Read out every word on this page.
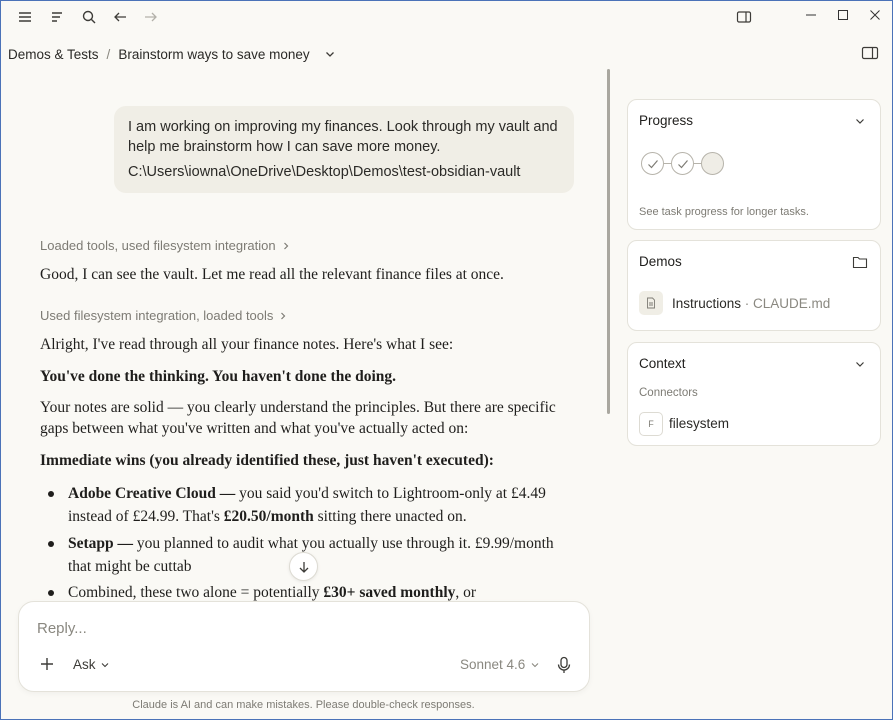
Demos & Tests / Brainstorm ways to save money
I am working on improving my finances. Look through my vault and help me brainstorm how I can save more money.
C:\Users\iowna\OneDrive\Desktop\Demos\test-obsidian-vault
Loaded tools, used filesystem integration
Good, I can see the vault. Let me read all the relevant finance files at once.
Used filesystem integration, loaded tools
Alright, I've read through all your finance notes. Here's what I see:
You've done the thinking. You haven't done the doing.
Your notes are solid — you clearly understand the principles. But there are specific gaps between what you've written and what you've actually acted on:
Immediate wins (you already identified these, just haven't executed):
Adobe Creative Cloud — you said you'd switch to Lightroom-only at £4.49 instead of £24.99. That's £20.50/month sitting there unacted on.
Setapp — you planned to audit what you actually use through it. £9.99/month that might be cuttab
Combined, these two alone = potentially £30+ saved monthly, or
Reply...
Ask	Sonnet 4.6
Claude is AI and can make mistakes. Please double-check responses.
Progress
See task progress for longer tasks.
Demos
Instructions · CLAUDE.md
Context
Connectors
F	filesystem
